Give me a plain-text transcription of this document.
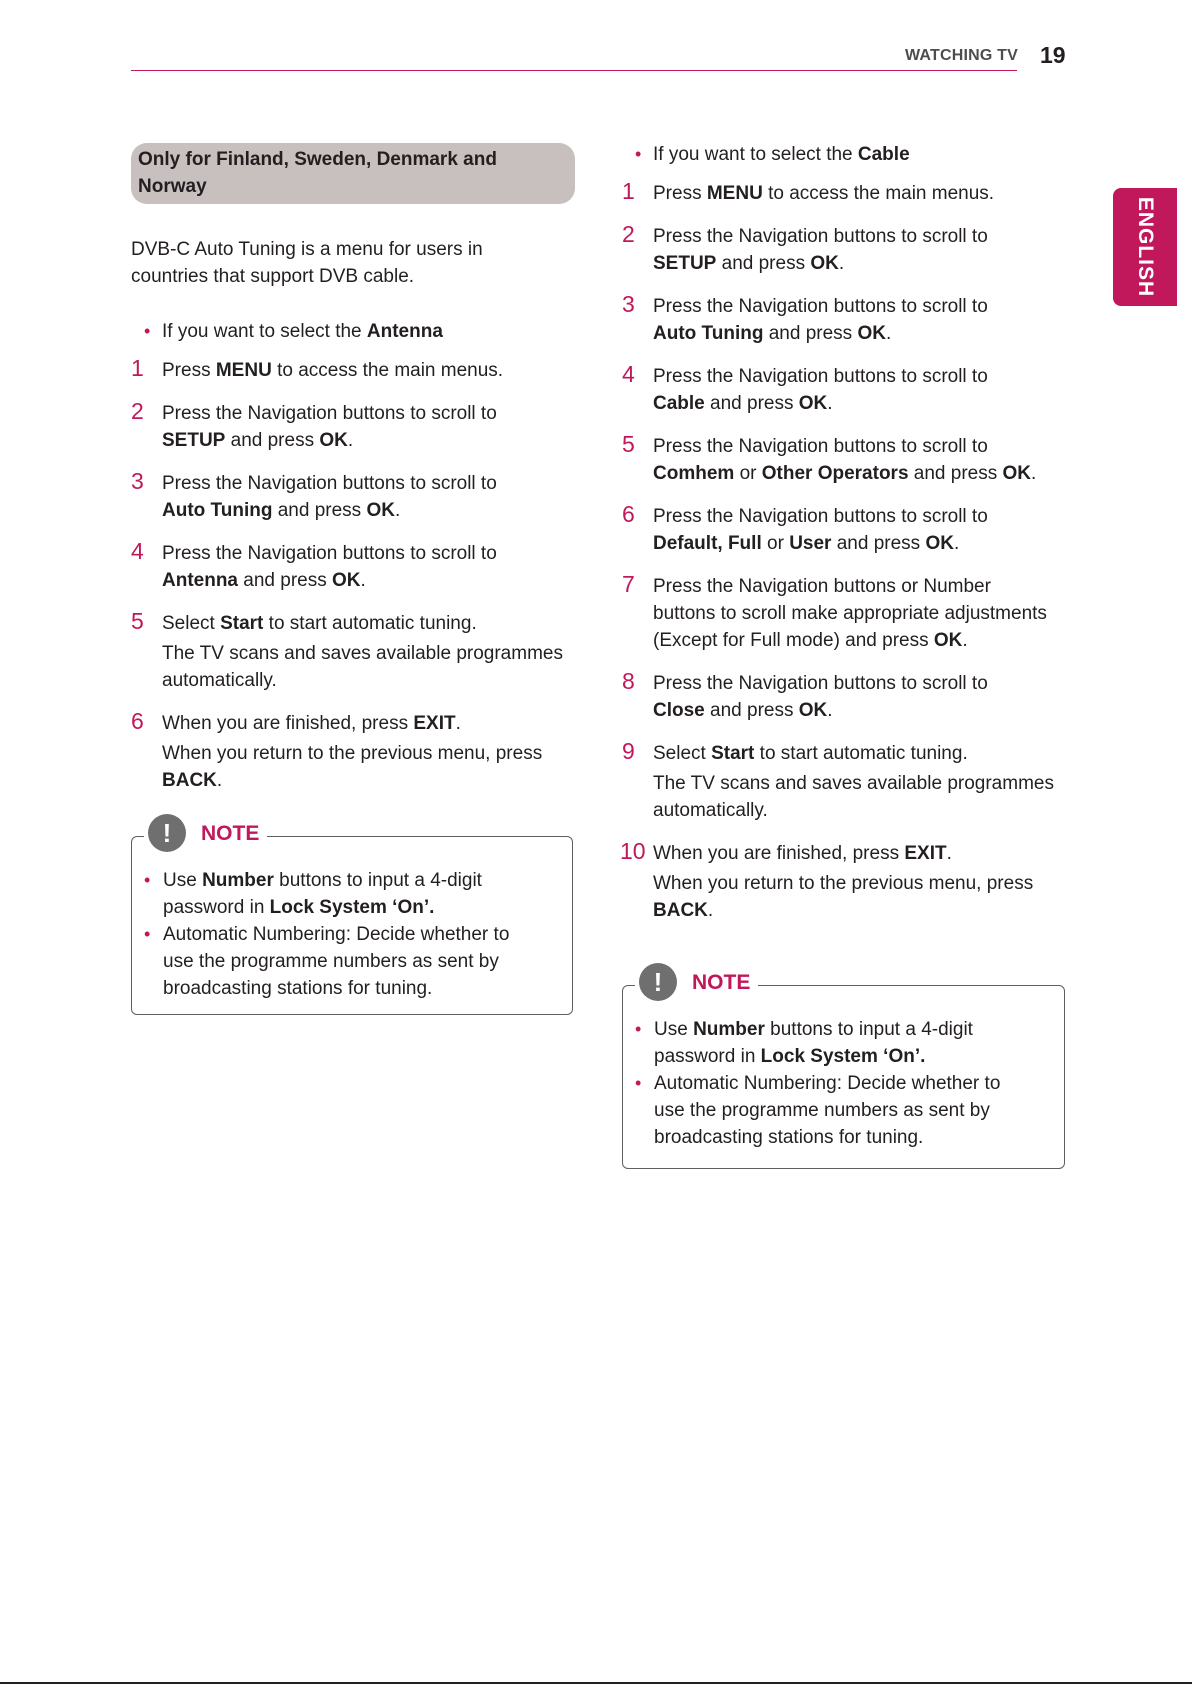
WATCHING TV 19
ENGLISH
Only for Finland, Sweden, Denmark and Norway
DVB-C Auto Tuning is a menu for users in
countries that support DVB cable.
• If you want to select the Antenna
1 Press MENU to access the main menus.
2 Press the Navigation buttons to scroll to
SETUP and press OK.
3 Press the Navigation buttons to scroll to
Auto Tuning and press OK.
4 Press the Navigation buttons to scroll to
Antenna and press OK.
5 Select Start to start automatic tuning.
The TV scans and saves available programmes
automatically.
6 When you are finished, press EXIT.
When you return to the previous menu, press
BACK.
!	NOTE
• Use Number buttons to input a 4-digit
password in Lock System ‘On’.
• Automatic Numbering: Decide whether to
use the programme numbers as sent by
broadcasting stations for tuning.
• If you want to select the Cable
1 Press MENU to access the main menus.
2 Press the Navigation buttons to scroll to
SETUP and press OK.
3 Press the Navigation buttons to scroll to
Auto Tuning and press OK.
4 Press the Navigation buttons to scroll to
Cable and press OK.
5 Press the Navigation buttons to scroll to
Comhem or Other Operators and press OK.
6 Press the Navigation buttons to scroll to
Default, Full or User and press OK.
7 Press the Navigation buttons or Number
buttons to scroll make appropriate adjustments
(Except for Full mode) and press OK.
8 Press the Navigation buttons to scroll to
Close and press OK.
9 Select Start to start automatic tuning.
The TV scans and saves available programmes
automatically.
10 When you are finished, press EXIT.
When you return to the previous menu, press
BACK.
!	NOTE
• Use Number buttons to input a 4-digit
password in Lock System ‘On’.
• Automatic Numbering: Decide whether to
use the programme numbers as sent by
broadcasting stations for tuning.
